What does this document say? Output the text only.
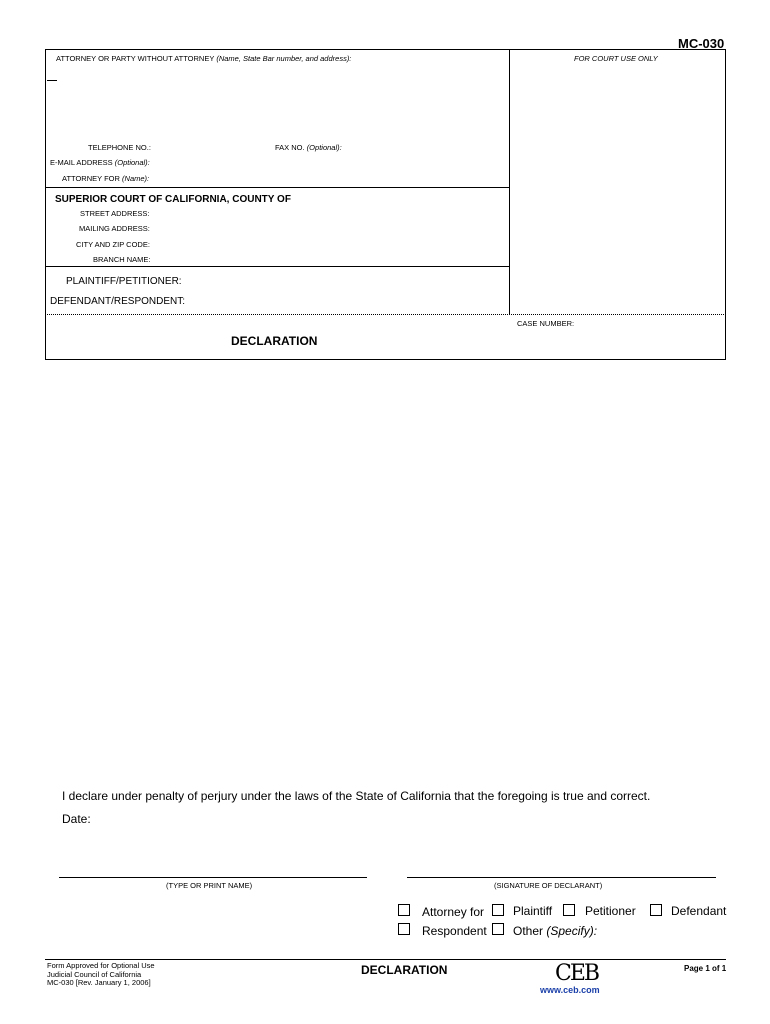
MC-030
ATTORNEY OR PARTY WITHOUT ATTORNEY (Name, State Bar number, and address):	FOR COURT USE ONLY
TELEPHONE NO.:	FAX NO. (Optional):
E-MAIL ADDRESS (Optional):
ATTORNEY FOR (Name):
SUPERIOR COURT OF CALIFORNIA, COUNTY OF
STREET ADDRESS:
MAILING ADDRESS:
CITY AND ZIP CODE:
BRANCH NAME:
PLAINTIFF/PETITIONER:
DEFENDANT/RESPONDENT:
DECLARATION
CASE NUMBER:
I declare under penalty of perjury under the laws of the State of California that the foregoing is true and correct.
Date:
(TYPE OR PRINT NAME)	(SIGNATURE OF DECLARANT)
Attorney for Plaintiff	Petitioner	Defendant
Respondent Other (Specify):
Form Approved for Optional Use
Judicial Council of California
MC-030 [Rev. January 1, 2006]
DECLARATION	CEB
www.ceb.com
Page 1 of 1
